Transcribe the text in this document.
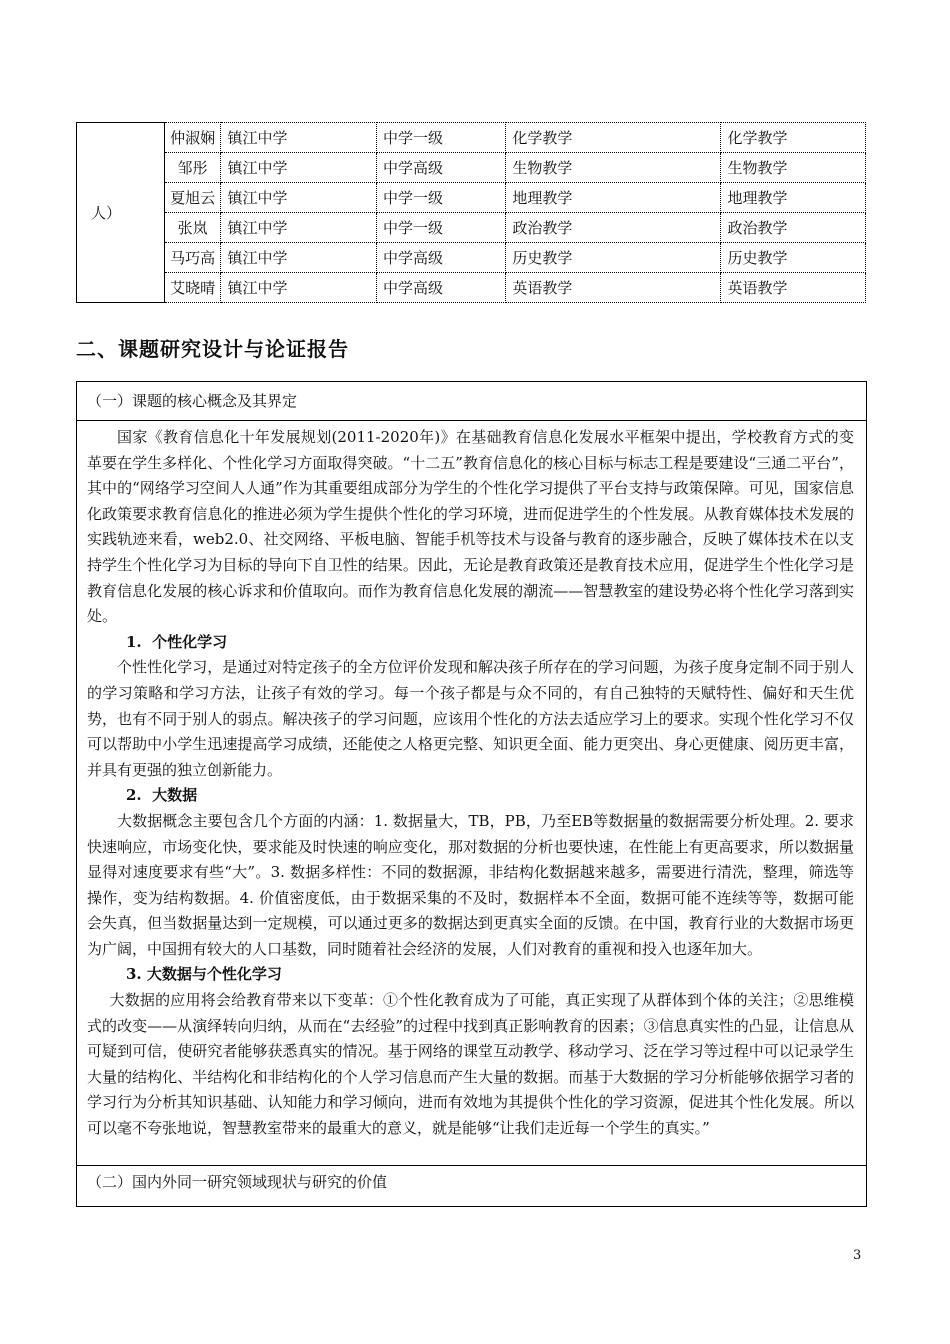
人）	仲淑娴	镇江中学	中学一级	化学教学	化学教学
	邹彤	镇江中学	中学高级	生物教学	生物教学
	夏旭云	镇江中学	中学一级	地理教学	地理教学
	张岚	镇江中学	中学一级	政治教学	政治教学
	马巧高	镇江中学	中学高级	历史教学	历史教学
	艾晓晴	镇江中学	中学高级	英语教学	英语教学
二、课题研究设计与论证报告
（一）课题的核心概念及其界定

国家《教育信息化十年发展规划(2011-2020年)》在基础教育信息化发展水平框架中提出，学校教育方式的变革要在学生多样化、个性化学习方面取得突破。“十二五”教育信息化的核心目标与标志工程是要建设“三通二平台”，其中的“网络学习空间人人通”作为其重要组成部分为学生的个性化学习提供了平台支持与政策保障。可见，国家信息化政策要求教育信息化的推进必须为学生提供个性化的学习环境，进而促进学生的个性发展。从教育媒体技术发展的实践轨迹来看，web2.0、社交网络、平板电脑、智能手机等技术与设备与教育的逐步融合，反映了媒体技术在以支持学生个性化学习为目标的导向下自卫性的结果。因此，无论是教育政策还是教育技术应用，促进学生个性化学习是教育信息化发展的核心诉求和价值取向。而作为教育信息化发展的潮流——智慧教室的建设势必将个性化学习落到实处。

1.  个性化学习

个性性化学习，是通过对特定孩子的全方位评价发现和解决孩子所存在的学习问题，为孩子度身定制不同于别人的学习策略和学习方法，让孩子有效的学习。每一个孩子都是与众不同的，有自己独特的天赋特性、偏好和天生优势，也有不同于别人的弱点。解决孩子的学习问题，应该用个性化的方法去适应学习上的要求。实现个性化学习不仅可以帮助中小学生迅速提高学习成绩，还能使之人格更完整、知识更全面、能力更突出、身心更健康、阅历更丰富，并具有更强的独立创新能力。

2.  大数据

大数据概念主要包含几个方面的内涵：1. 数据量大，TB，PB，乃至EB等数据量的数据需要分析处理。2. 要求快速响应，市场变化快，要求能及时快速的响应变化，那对数据的分析也要快速，在性能上有更高要求，所以数据量显得对速度要求有些“大”。3. 数据多样性：不同的数据源，非结构化数据越来越多，需要进行清洗，整理，筛选等操作，变为结构数据。4. 价值密度低，由于数据采集的不及时，数据样本不全面，数据可能不连续等等，数据可能会失真，但当数据量达到一定规模，可以通过更多的数据达到更真实全面的反馈。在中国，教育行业的大数据市场更为广阔，中国拥有较大的人口基数，同时随着社会经济的发展，人们对教育的重视和投入也逐年加大。

3. 大数据与个性化学习

大数据的应用将会给教育带来以下变革：①个性化教育成为了可能，真正实现了从群体到个体的关注；②思维模式的改变——从演绎转向归纳，从而在“去经验”的过程中找到真正影响教育的因素；③信息真实性的凸显，让信息从可疑到可信，使研究者能够获悉真实的情况。基于网络的课堂互动教学、移动学习、泛在学习等过程中可以记录学生大量的结构化、半结构化和非结构化的个人学习信息而产生大量的数据。而基于大数据的学习分析能够依据学习者的学习行为分析其知识基础、认知能力和学习倾向，进而有效地为其提供个性化的学习资源，促进其个性化发展。所以可以毫不夸张地说，智慧教室带来的最重大的意义，就是能够“让我们走近每一个学生的真实。”

（二）国内外同一研究领域现状与研究的价值
3
